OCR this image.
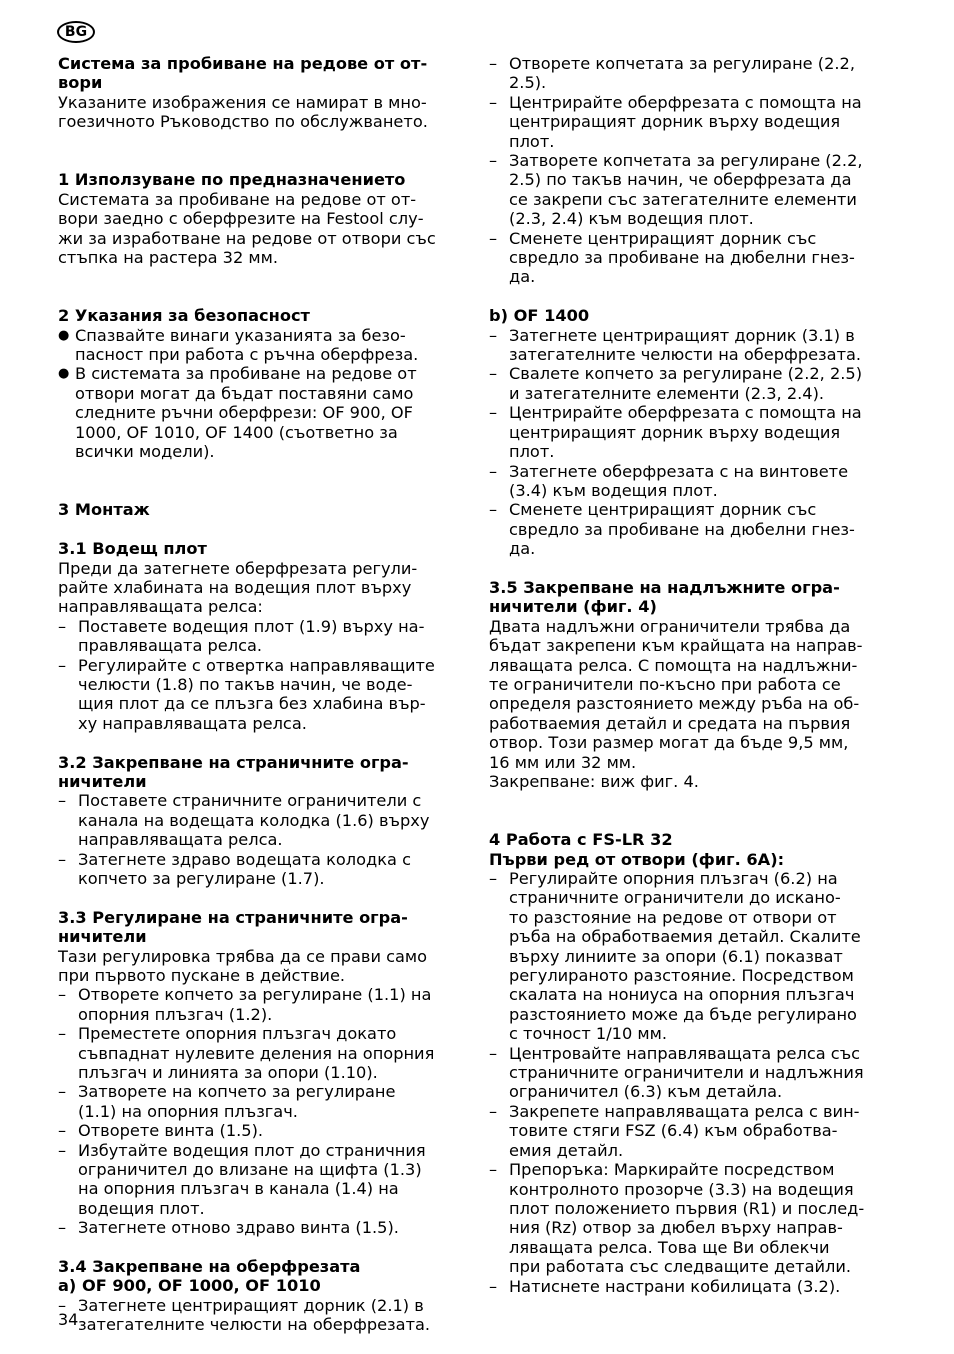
BG

Система за пробиване на редове от от-

вори

Указаните изображения се намират в мно-

гоезичното Ръководство по обслужването.

1 Използуване по предназначението

Системата за пробиване на редове от от-

вори заедно с оберфрезите на Festool слу-

жи за изработване на редове от отвори със

стъпка на растера 32 мм.

2 Указания за безопасност

● Спазвайте винаги указанията за безо-
пасност при работа с ръчна оберфреза.
● В системата за пробиване на редове от
отвори могат да бъдат поставяни само
следните ръчни оберфрези: OF 900, OF
1000, OF 1010, OF 1400 (съответно за
всички модели).

3 Монтаж

3.1 Водещ плот

Преди да затегнете оберфрезата регули-

райте хлабината на водещия плот върху

направляващата релса:

– Поставете водещия плот (1.9) върху на-
правляващата релса.
– Регулирайте с отвертка направляващите
челюсти (1.8) по такъв начин, че воде-
щия плот да се плъзга без хлабина вър-
ху направляващата релса.

3.2 Закрепване на страничните огра-

ничители

– Поставете страничните ограничители с
канала на водещата колодка (1.6) върху
направляващата релса.
– Затегнете здраво водещата колодка с
копчето за регулиране (1.7).

3.3 Регулиране на страничните огра-

ничители

Тази регулировка трябва да се прави само

при първото пускане в действие.

– Отворете копчето за регулиране (1.1) на
опорния плъзгач (1.2).
– Преместете опорния плъзгач докато
съвпаднат нулевите деления на опорния
плъзгач и линията за опори (1.10).
– Затворете на копчето за регулиране
(1.1) на опорния плъзгач.
– Отворете винта (1.5).
– Избутайте водещия плот до страничния
ограничител до влизане на щифта (1.3)
на опорния плъзгач в канала (1.4) на
водещия плот.
– Затегнете отново здраво винта (1.5).

3.4 Закрепване на оберфрезата

a) OF 900, OF 1000, OF 1010

– Затегнете центриращият дорник (2.1) в
затегателните челюсти на оберфрезата.
– Отворете копчетата за регулиране (2.2,
2.5).
– Центрирайте оберфрезата с помощта на
центриращият дорник върху водещия
плот.
– Затворете копчетата за регулиране (2.2,
2.5) по такъв начин, че оберфрезата да
се закрепи със затегателните елементи
(2.3, 2.4) към водещия плот.
– Сменете центриращият дорник със
свредло за пробиване на дюбелни гнез-
да.

b) OF 1400

– Затегнете центриращият дорник (3.1) в
затегателните челюсти на оберфрезата.
– Свалете копчето за регулиране (2.2, 2.5)
и затегателните елементи (2.3, 2.4).
– Центрирайте оберфрезата с помощта на
центриращият дорник върху водещия
плот.
– Затегнете оберфрезата с на винтовете
(3.4) към водещия плот.
– Сменете центриращият дорник със
свредло за пробиване на дюбелни гнез-
да.

3.5 Закрепване на надлъжните огра-

ничители (фиг. 4)

Двата надлъжни ограничители трябва да

бъдат закрепени към крайщата на направ-

ляващата релса. С помощта на надлъжни-

те ограничители по-късно при работа се

определя разстоянието между ръба на об-

работваемия детайл и средата на първия

отвор. Този размер могат да бъде 9,5 мм,

16 мм или 32 мм.

Закрепване: виж фиг. 4.

4 Работа с FS-LR 32

Първи ред от отвори (фиг. 6A):

– Регулирайте опорния плъзгач (6.2) на
страничните ограничители до искано-
то разстояние на редове от отвори от
ръба на обработваемия детайл. Скалите
върху линиите за опори (6.1) показват
регулираното разстояние. Посредством
скалата на нониуса на опорния плъзгач
разстоянието може да бъде регулирано
с точност 1/10 мм.
– Центровайте направляващата релса със
страничните ограничители и надлъжния
ограничител (6.3) към детайла.
– Закрепете направляващата релса с вин-
товите стяги FSZ (6.4) към обработва-
емия детайл.
– Препоръка: Маркирайте посредством
контролното прозорче (3.3) на водещия
плот положението първия (R1) и послед-
ния (Rz) отвор за дюбел върху направ-
ляващата релса. Това ще Ви облекчи
при работата със следващите детайли.
– Натиснете настрани кобилицата (3.2).
34
